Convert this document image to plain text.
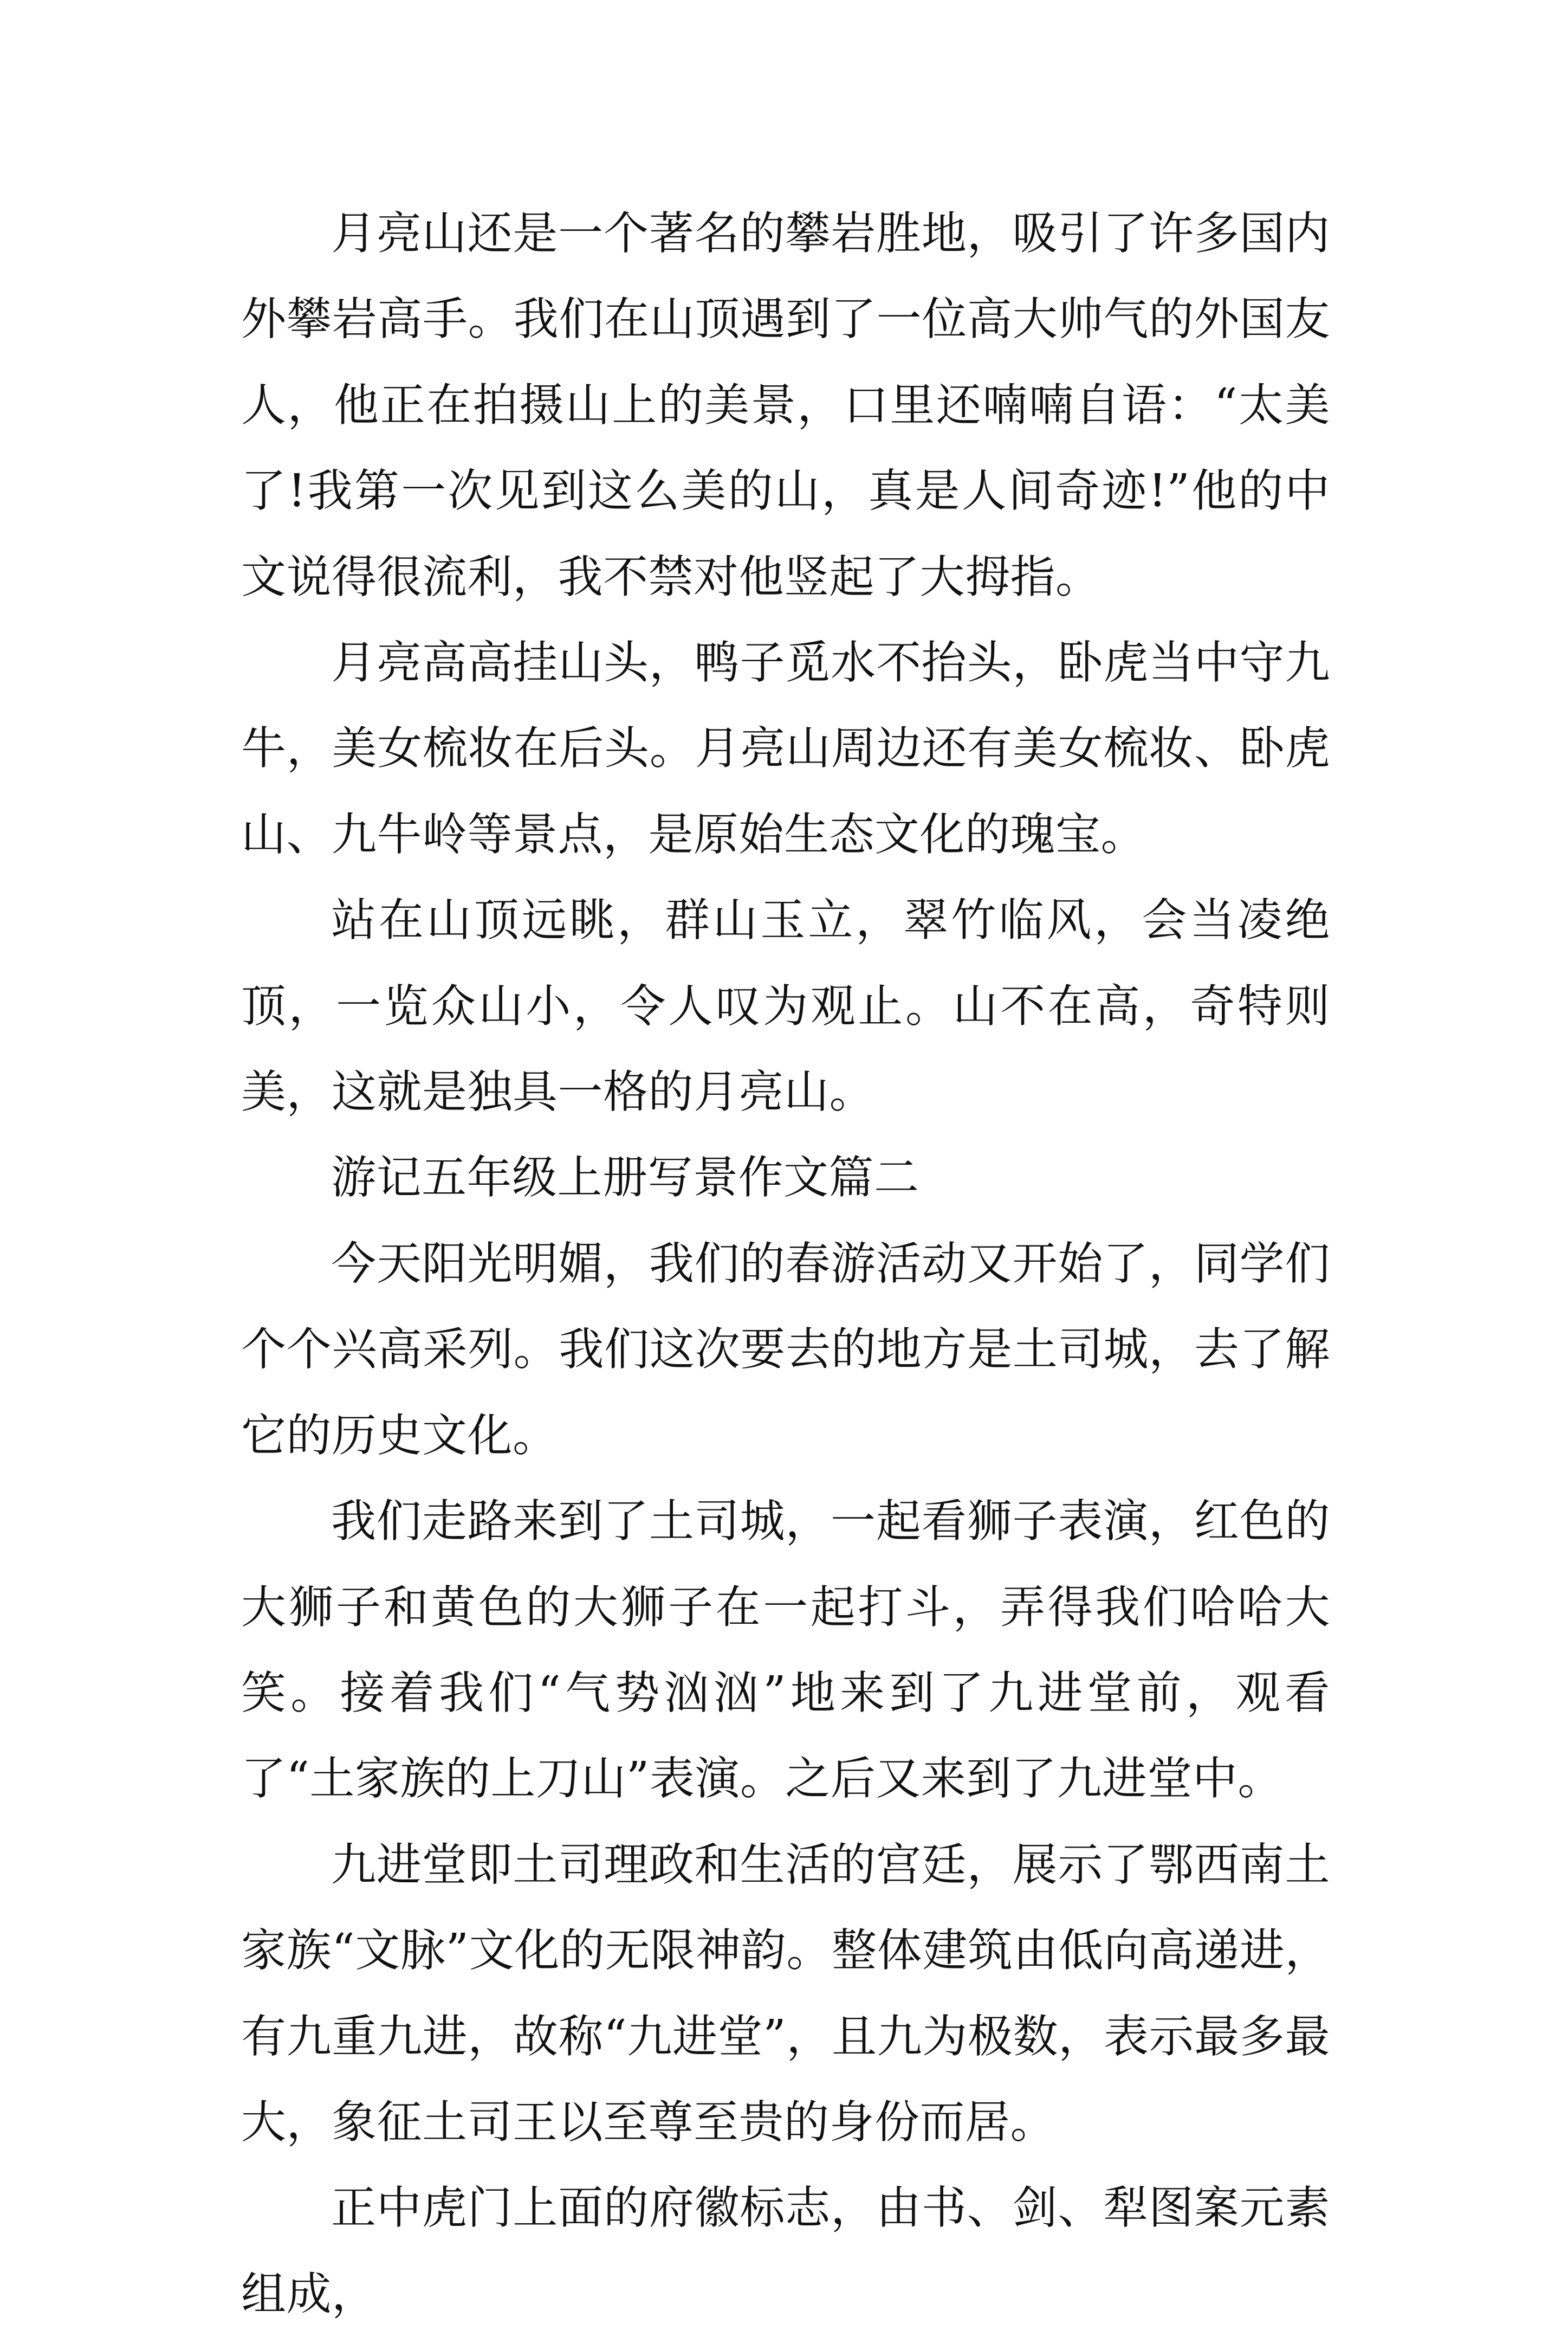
月亮山还是一个著名的攀岩胜地，吸引了许多国内外攀岩高手。我们在山顶遇到了一位高大帅气的外国友人，他正在拍摄山上的美景，口里还喃喃自语：“太美了!我第一次见到这么美的山，真是人间奇迹!”他的中文说得很流利，我不禁对他竖起了大拇指。

月亮高高挂山头，鸭子觅水不抬头，卧虎当中守九牛，美女梳妆在后头。月亮山周边还有美女梳妆、卧虎山、九牛岭等景点，是原始生态文化的瑰宝。

站在山顶远眺，群山玉立，翠竹临风，会当凌绝顶，一览众山小，令人叹为观止。山不在高，奇特则美，这就是独具一格的月亮山。

游记五年级上册写景作文篇二

今天阳光明媚，我们的春游活动又开始了，同学们个个兴高采列。我们这次要去的地方是土司城，去了解它的历史文化。

我们走路来到了土司城，一起看狮子表演，红色的大狮子和黄色的大狮子在一起打斗，弄得我们哈哈大笑。接着我们“气势汹汹”地来到了九进堂前，观看了“土家族的上刀山”表演。之后又来到了九进堂中。

九进堂即土司理政和生活的宫廷，展示了鄂西南土家族“文脉”文化的无限神韵。整体建筑由低向高递进，有九重九进，故称“九进堂”，且九为极数，表示最多最大，象征土司王以至尊至贵的身份而居。

正中虎门上面的府徽标志，由书、剑、犁图案元素组成，
